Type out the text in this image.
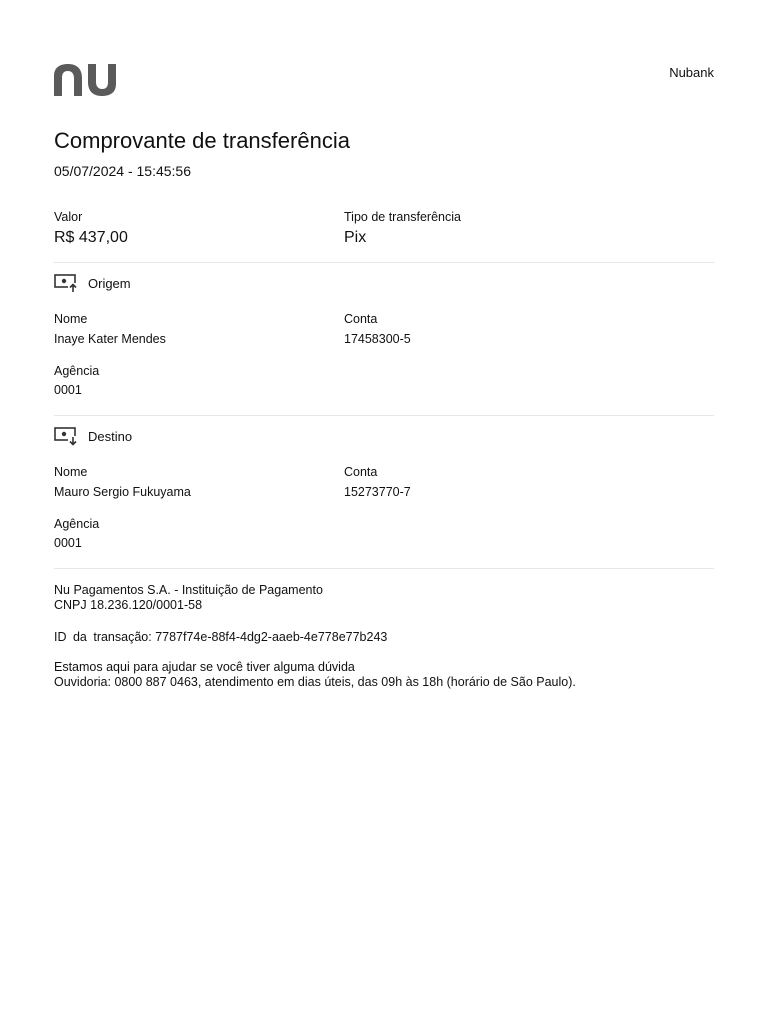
Nubank
Comprovante de transferência
05/07/2024 - 15:45:56
Valor
R$ 437,00
Tipo de transferência
Pix
Origem
Nome
Inaye Kater Mendes
Conta
17458300-5
Agência
0001
Destino
Nome
Mauro Sergio Fukuyama
Conta
15273770-7
Agência
0001
Nu Pagamentos S.A. - Instituição de Pagamento
CNPJ 18.236.120/0001-58
ID da transação: 7787f74e-88f4-4dg2-aaeb-4e778e77b243
Estamos aqui para ajudar se você tiver alguma dúvida
Ouvidoria: 0800 887 0463, atendimento em dias úteis, das 09h às 18h (horário de São Paulo).
